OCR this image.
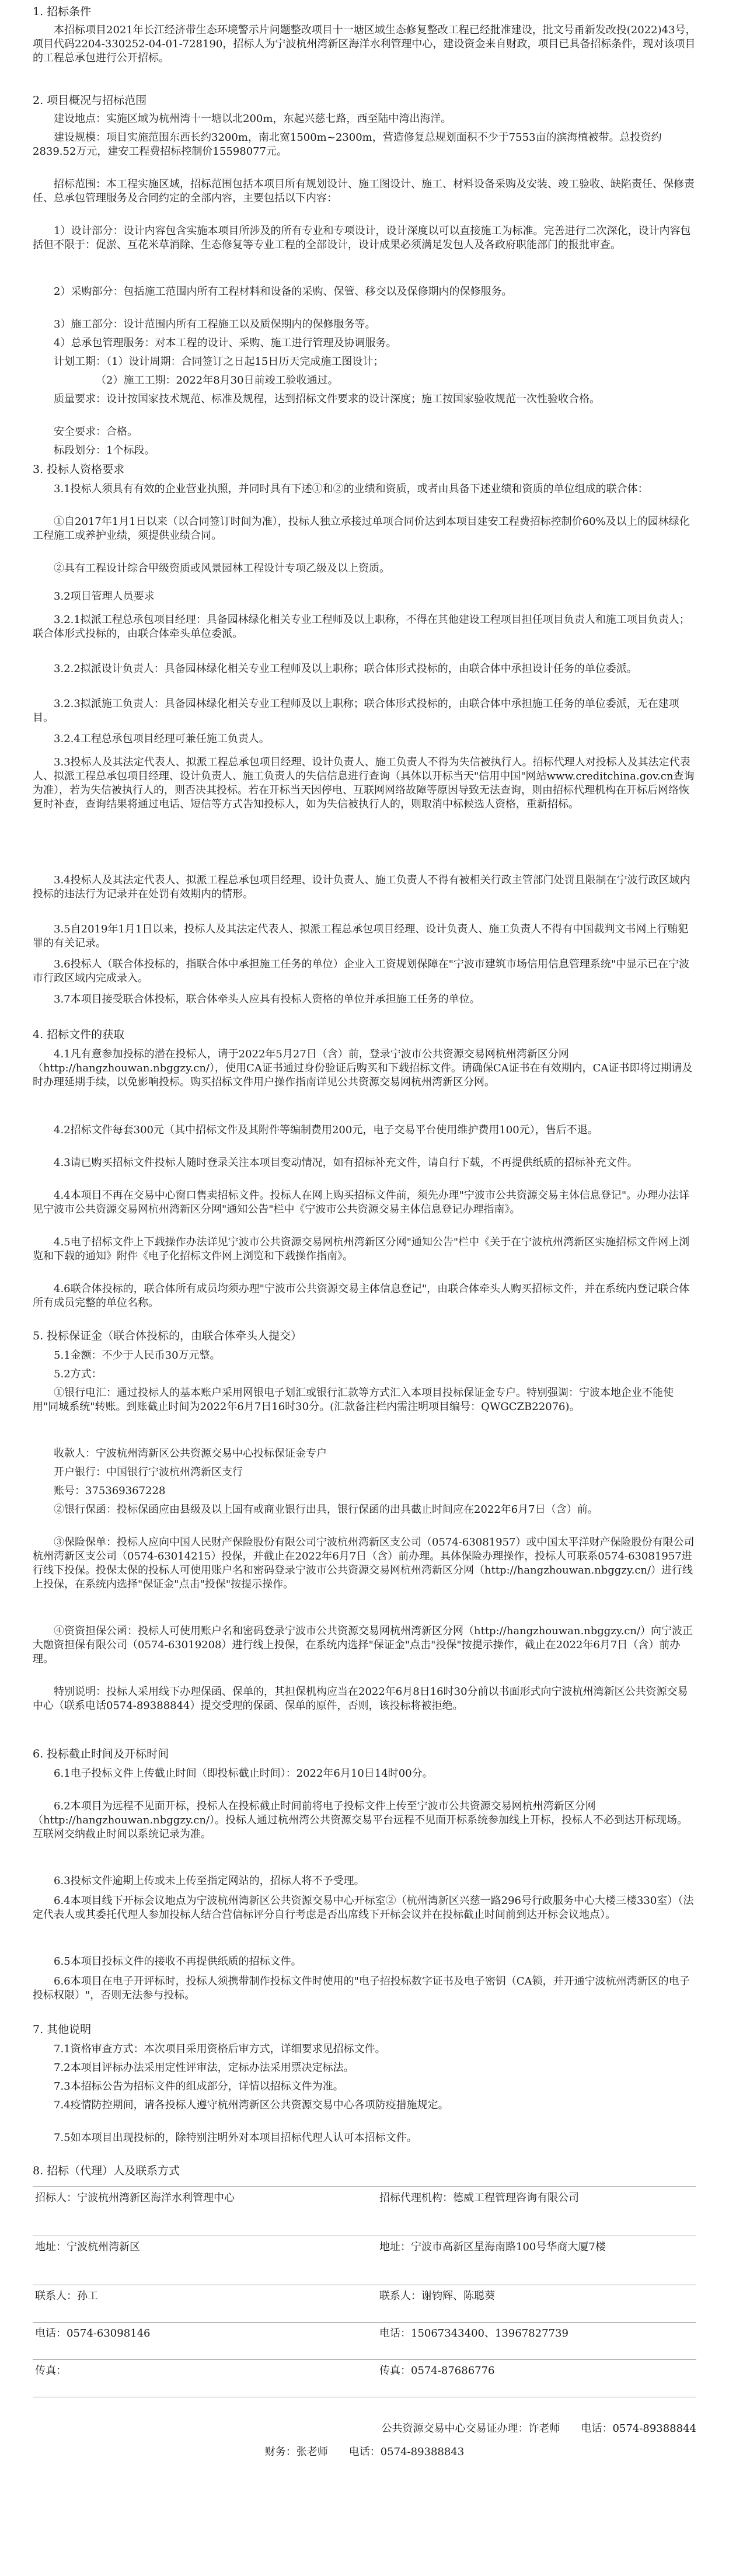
1. 招标条件
本招标项目2021年长江经济带生态环境警示片问题整改项目十一塘区域生态修复整改工程已经批准建设，批文号甬新发改投(2022)43号，项目代码2204-330252-04-01-728190，招标人为宁波杭州湾新区海洋水利管理中心，建设资金来自财政，项目已具备招标条件，现对该项目的工程总承包进行公开招标。
2. 项目概况与招标范围
建设地点：实施区域为杭州湾十一塘以北200m，东起兴慈七路，西至陆中湾出海洋。
建设规模：项目实施范围东西长约3200m，南北宽1500m~2300m，营造修复总规划面积不少于7553亩的滨海植被带。总投资约2839.52万元，建安工程费招标控制价15598077元。
招标范围：本工程实施区域，招标范围包括本项目所有规划设计、施工图设计、施工、材料设备采购及安装、竣工验收、缺陷责任、保修责任、总承包管理服务及合同约定的全部内容，主要包括以下内容：
1）设计部分：设计内容包含实施本项目所涉及的所有专业和专项设计，设计深度以可以直接施工为标准。完善进行二次深化，设计内容包括但不限于：促淤、互花米草消除、生态修复等专业工程的全部设计，设计成果必须满足发包人及各政府职能部门的报批审查。
2）采购部分：包括施工范围内所有工程材料和设备的采购、保管、移交以及保修期内的保修服务。
3）施工部分：设计范围内所有工程施工以及质保期内的保修服务等。
4）总承包管理服务：对本工程的设计、采购、施工进行管理及协调服务。
计划工期：（1）设计周期：合同签订之日起15日历天完成施工图设计；
（2）施工工期：2022年8月30日前竣工验收通过。
质量要求：设计按国家技术规范、标准及规程，达到招标文件要求的设计深度；施工按国家验收规范一次性验收合格。
安全要求：合格。
标段划分：1个标段。
3. 投标人资格要求
3.1投标人须具有有效的企业营业执照，并同时具有下述①和②的业绩和资质，或者由具备下述业绩和资质的单位组成的联合体：
①自2017年1月1日以来（以合同签订时间为准），投标人独立承接过单项合同价达到本项目建安工程费招标控制价60%及以上的园林绿化工程施工或养护业绩，须提供业绩合同。
②具有工程设计综合甲级资质或风景园林工程设计专项乙级及以上资质。
3.2项目管理人员要求
3.2.1拟派工程总承包项目经理：具备园林绿化相关专业工程师及以上职称，不得在其他建设工程项目担任项目负责人和施工项目负责人；联合体形式投标的，由联合体牵头单位委派。
3.2.2拟派设计负责人：具备园林绿化相关专业工程师及以上职称；联合体形式投标的，由联合体中承担设计任务的单位委派。
3.2.3拟派施工负责人：具备园林绿化相关专业工程师及以上职称；联合体形式投标的，由联合体中承担施工任务的单位委派，无在建项目。
3.2.4工程总承包项目经理可兼任施工负责人。
3.3投标人及其法定代表人、拟派工程总承包项目经理、设计负责人、施工负责人不得为失信被执行人。招标代理人对投标人及其法定代表人、拟派工程总承包项目经理、设计负责人、施工负责人的失信信息进行查询（具体以开标当天"信用中国"网站www.creditchina.gov.cn查询为准），若为失信被执行人的，则否决其投标。若在开标当天因停电、互联网网络故障等原因导致无法查询，则由招标代理机构在开标后网络恢复时补查，查询结果将通过电话、短信等方式告知投标人，如为失信被执行人的，则取消中标候选人资格，重新招标。
3.4投标人及其法定代表人、拟派工程总承包项目经理、设计负责人、施工负责人不得有被相关行政主管部门处罚且限制在宁波行政区域内投标的违法行为记录并在处罚有效期内的情形。
3.5自2019年1月1日以来，投标人及其法定代表人、拟派工程总承包项目经理、设计负责人、施工负责人不得有中国裁判文书网上行贿犯罪的有关记录。
3.6投标人（联合体投标的，指联合体中承担施工任务的单位）企业入工资规划保障在"宁波市建筑市场信用信息管理系统"中显示已在宁波市行政区域内完成录入。
3.7本项目接受联合体投标，联合体牵头人应具有投标人资格的单位并承担施工任务的单位。
4. 招标文件的获取
4.1凡有意参加投标的潜在投标人，请于2022年5月27日（含）前，登录宁波市公共资源交易网杭州湾新区分网（http://hangzhouwan.nbggzy.cn/），使用CA证书通过身份验证后购买和下载招标文件。请确保CA证书在有效期内，CA证书即将过期请及时办理延期手续，以免影响投标。购买招标文件用户操作指南详见公共资源交易网杭州湾新区分网。
4.2招标文件每套300元（其中招标文件及其附件等编制费用200元，电子交易平台使用维护费用100元），售后不退。
4.3请已购买招标文件投标人随时登录关注本项目变动情况，如有招标补充文件，请自行下载，不再提供纸质的招标补充文件。
4.4本项目不再在交易中心窗口售卖招标文件。投标人在网上购买招标文件前，须先办理"宁波市公共资源交易主体信息登记"。办理办法详见宁波市公共资源交易网杭州湾新区分网"通知公告"栏中《宁波市公共资源交易主体信息登记办理指南》。
4.5电子招标文件上下载操作办法详见宁波市公共资源交易网杭州湾新区分网"通知公告"栏中《关于在宁波杭州湾新区实施招标文件网上浏览和下载的通知》附件《电子化招标文件网上浏览和下载操作指南》。
4.6联合体投标的，联合体所有成员均须办理"宁波市公共资源交易主体信息登记"，由联合体牵头人购买招标文件，并在系统内登记联合体所有成员完整的单位名称。
5. 投标保证金（联合体投标的，由联合体牵头人提交）
5.1金额：不少于人民币30万元整。
5.2方式：
①银行电汇：通过投标人的基本账户采用网银电子划汇或银行汇款等方式汇入本项目投标保证金专户。特别强调：宁波本地企业不能使用"同城系统"转账。到账截止时间为2022年6月7日16时30分。(汇款备注栏内需注明项目编号：QWGCZB22076)。
收款人：宁波杭州湾新区公共资源交易中心投标保证金专户
开户银行：中国银行宁波杭州湾新区支行
账号：375369367228
②银行保函：投标保函应由县级及以上国有或商业银行出具，银行保函的出具截止时间应在2022年6月7日（含）前。
③保险保单：投标人应向中国人民财产保险股份有限公司宁波杭州湾新区支公司（0574-63081957）或中国太平洋财产保险股份有限公司杭州湾新区支公司（0574-63014215）投保，并截止在2022年6月7日（含）前办理。具体保险办理操作，投标人可联系0574-63081957进行线下投保。投保太保的投标人可使用账户名和密码登录宁波市公共资源交易网杭州湾新区分网（http://hangzhouwan.nbggzy.cn/）进行线上投保，在系统内选择"保证金"点击"投保"按提示操作。
④资资担保公函：投标人可使用账户名和密码登录宁波市公共资源交易网杭州湾新区分网（http://hangzhouwan.nbggzy.cn/）向宁波正大融资担保有限公司（0574-63019208）进行线上投保，在系统内选择"保证金"点击"投保"按提示操作，截止在2022年6月7日（含）前办理。
特别说明：投标人采用线下办理保函、保单的，其担保机构应当在2022年6月8日16时30分前以书面形式向宁波杭州湾新区公共资源交易中心（联系电话0574-89388844）提交受理的保函、保单的原件，否则，该投标将被拒绝。
6. 投标截止时间及开标时间
6.1电子投标文件上传截止时间（即投标截止时间）：2022年6月10日14时00分。
6.2本项目为远程不见面开标，投标人在投标截止时间前将电子投标文件上传至宁波市公共资源交易网杭州湾新区分网（http://hangzhouwan.nbggzy.cn/）。投标人通过杭州湾公共资源交易平台远程不见面开标系统参加线上开标，投标人不必到达开标现场。互联网交纳截止时间以系统记录为准。
6.3投标文件逾期上传或未上传至指定网站的，招标人将不予受理。
6.4本项目线下开标会议地点为宁波杭州湾新区公共资源交易中心开标室②（杭州湾新区兴慈一路296号行政服务中心大楼三楼330室）（法定代表人或其委托代理人参加投标人结合营信标评分自行考虑是否出席线下开标会议并在投标截止时间前到达开标会议地点）。
6.5本项目投标文件的接收不再提供纸质的招标文件。
6.6本项目在电子开评标时，投标人须携带制作投标文件时使用的"电子招投标数字证书及电子密钥（CA锁，并开通宁波杭州湾新区的电子投标权限）"，否则无法参与投标。
7. 其他说明
7.1资格审查方式：本次项目采用资格后审方式，详细要求见招标文件。
7.2本项目评标办法采用定性评审法，定标办法采用票决定标法。
7.3本招标公告为招标文件的组成部分，详情以招标文件为准。
7.4疫情防控期间，请各投标人遵守杭州湾新区公共资源交易中心各项防疫措施规定。
7.5如本项目出现投标的，除特别注明外对本项目招标代理人认可本招标文件。
8. 招标（代理）人及联系方式
招标人：宁波杭州湾新区海洋水利管理中心	招标代理机构：德威工程管理咨询有限公司
地址：宁波杭州湾新区	地址：宁波市高新区星海南路100号华商大厦7楼
联系人：孙工	联系人：谢钧辉、陈聪葵
电话：0574-63098146	电话：15067343400、13967827739
传真：	传真：0574-87686776
公共资源交易中心交易证办理：许老师　　电话：0574-89388844
财务：张老师　　电话：0574-89388843
